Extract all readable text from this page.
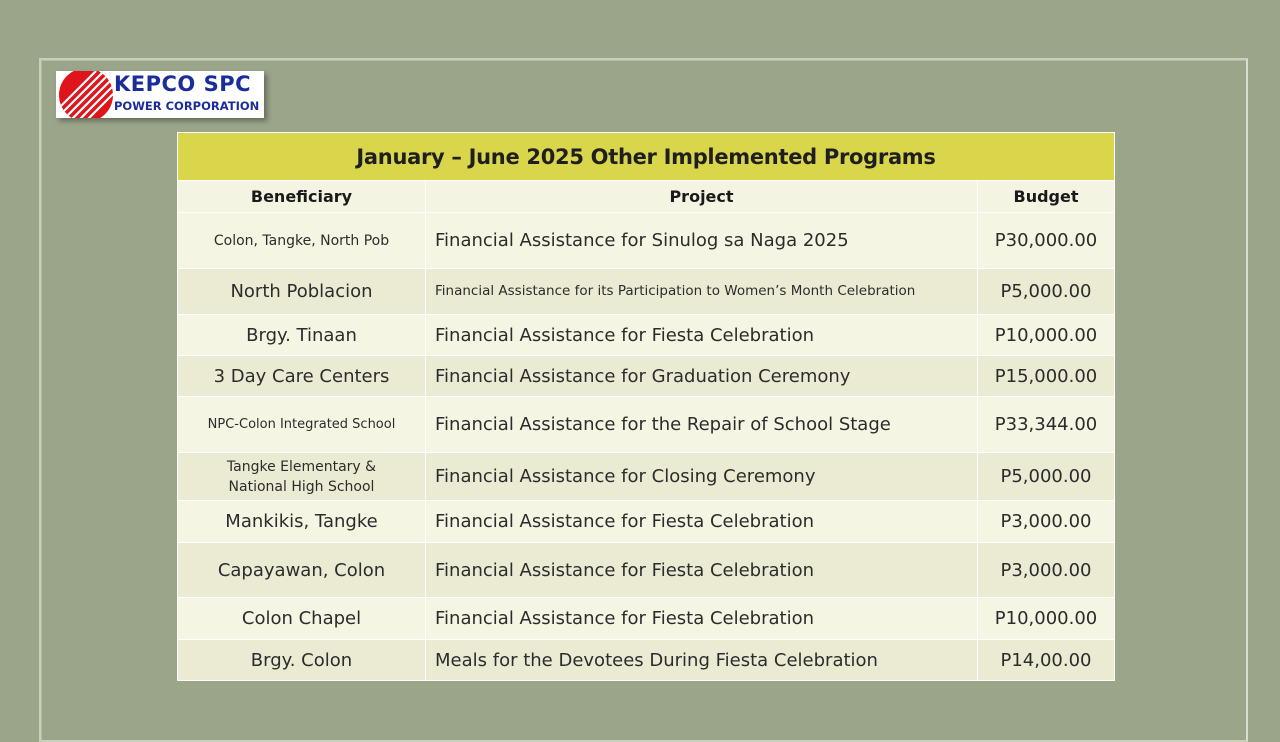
KEPCO SPC
POWER CORPORATION
January – June 2025 Other Implemented Programs		
Beneficiary	Project	Budget
Colon, Tangke, North Pob	Financial Assistance for Sinulog sa Naga 2025	P30,000.00
North Poblacion	Financial Assistance for its Participation to Women’s Month Celebration	P5,000.00
Brgy. Tinaan	Financial Assistance for Fiesta Celebration	P10,000.00
3 Day Care Centers	Financial Assistance for Graduation Ceremony	P15,000.00
NPC-Colon Integrated School	Financial Assistance for the Repair of School Stage	P33,344.00

Tangke Elementary &
National High School	Financial Assistance for Closing Ceremony	P5,000.00
Mankikis, Tangke	Financial Assistance for Fiesta Celebration	P3,000.00
Capayawan, Colon	Financial Assistance for Fiesta Celebration	P3,000.00
Colon Chapel	Financial Assistance for Fiesta Celebration	P10,000.00
Brgy. Colon	Meals for the Devotees During Fiesta Celebration	P14,00.00
